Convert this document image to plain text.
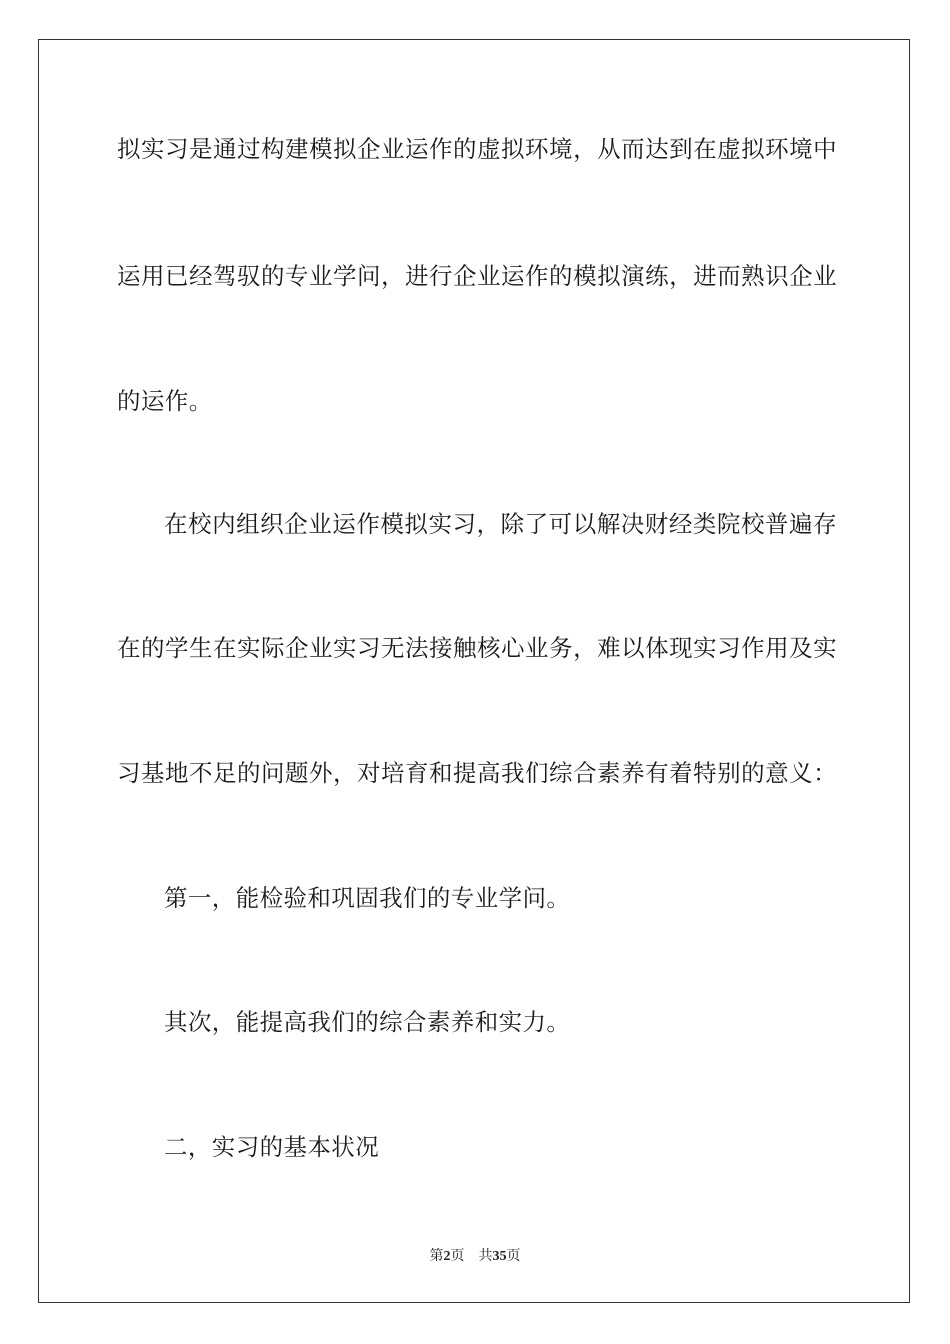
拟实习是通过构建模拟企业运作的虚拟环境，从而达到在虚拟环境中
运用已经驾驭的专业学问，进行企业运作的模拟演练，进而熟识企业
的运作。
在校内组织企业运作模拟实习，除了可以解决财经类院校普遍存
在的学生在实际企业实习无法接触核心业务，难以体现实习作用及实
习基地不足的问题外，对培育和提高我们综合素养有着特别的意义：
第一，能检验和巩固我们的专业学问。
其次，能提高我们的综合素养和实力。
二，实习的基本状况
第2页 共35页
